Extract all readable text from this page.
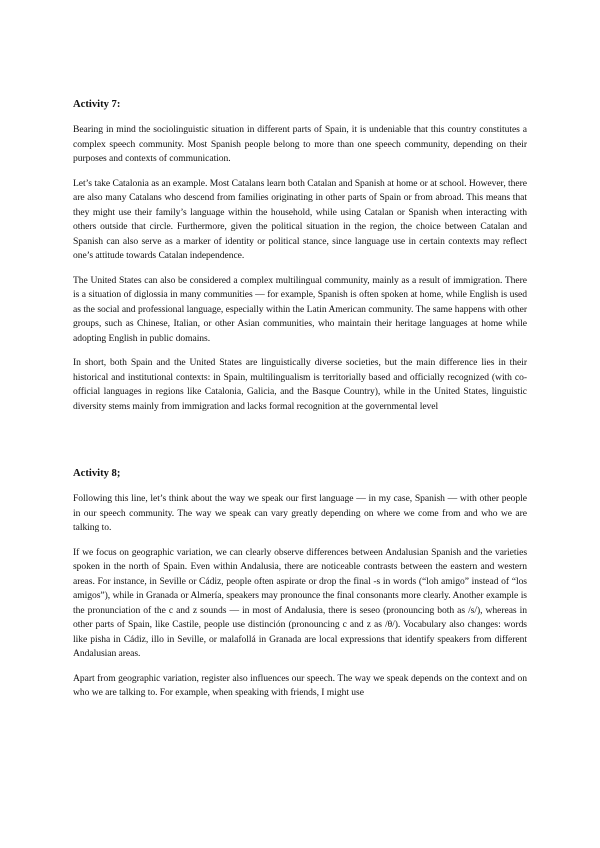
Activity 7:

Bearing in mind the sociolinguistic situation in different parts of Spain, it is undeniable that this country constitutes a complex speech community. Most Spanish people belong to more than one speech community, depending on their purposes and contexts of communication.

Let’s take Catalonia as an example. Most Catalans learn both Catalan and Spanish at home or at school. However, there are also many Catalans who descend from families originating in other parts of Spain or from abroad. This means that they might use their family’s language within the household, while using Catalan or Spanish when interacting with others outside that circle. Furthermore, given the political situation in the region, the choice between Catalan and Spanish can also serve as a marker of identity or political stance, since language use in certain contexts may reflect one’s attitude towards Catalan independence.

The United States can also be considered a complex multilingual community, mainly as a result of immigration. There is a situation of diglossia in many communities — for example, Spanish is often spoken at home, while English is used as the social and professional language, especially within the Latin American community. The same happens with other groups, such as Chinese, Italian, or other Asian communities, who maintain their heritage languages at home while adopting English in public domains.

In short, both Spain and the United States are linguistically diverse societies, but the main difference lies in their historical and institutional contexts: in Spain, multilingualism is territorially based and officially recognized (with co-official languages in regions like Catalonia, Galicia, and the Basque Country), while in the United States, linguistic diversity stems mainly from immigration and lacks formal recognition at the governmental level

Activity 8;

Following this line, let’s think about the way we speak our first language — in my case, Spanish — with other people in our speech community. The way we speak can vary greatly depending on where we come from and who we are talking to.

If we focus on geographic variation, we can clearly observe differences between Andalusian Spanish and the varieties spoken in the north of Spain. Even within Andalusia, there are noticeable contrasts between the eastern and western areas. For instance, in Seville or Cádiz, people often aspirate or drop the final -s in words (“loh amigo” instead of “los amigos”), while in Granada or Almería, speakers may pronounce the final consonants more clearly. Another example is the pronunciation of the c and z sounds — in most of Andalusia, there is seseo (pronouncing both as /s/), whereas in other parts of Spain, like Castile, people use distinción (pronouncing c and z as /θ/). Vocabulary also changes: words like pisha in Cádiz, illo in Seville, or malafollá in Granada are local expressions that identify speakers from different Andalusian areas.

Apart from geographic variation, register also influences our speech. The way we speak depends on the context and on who we are talking to. For example, when speaking with friends, I might use
